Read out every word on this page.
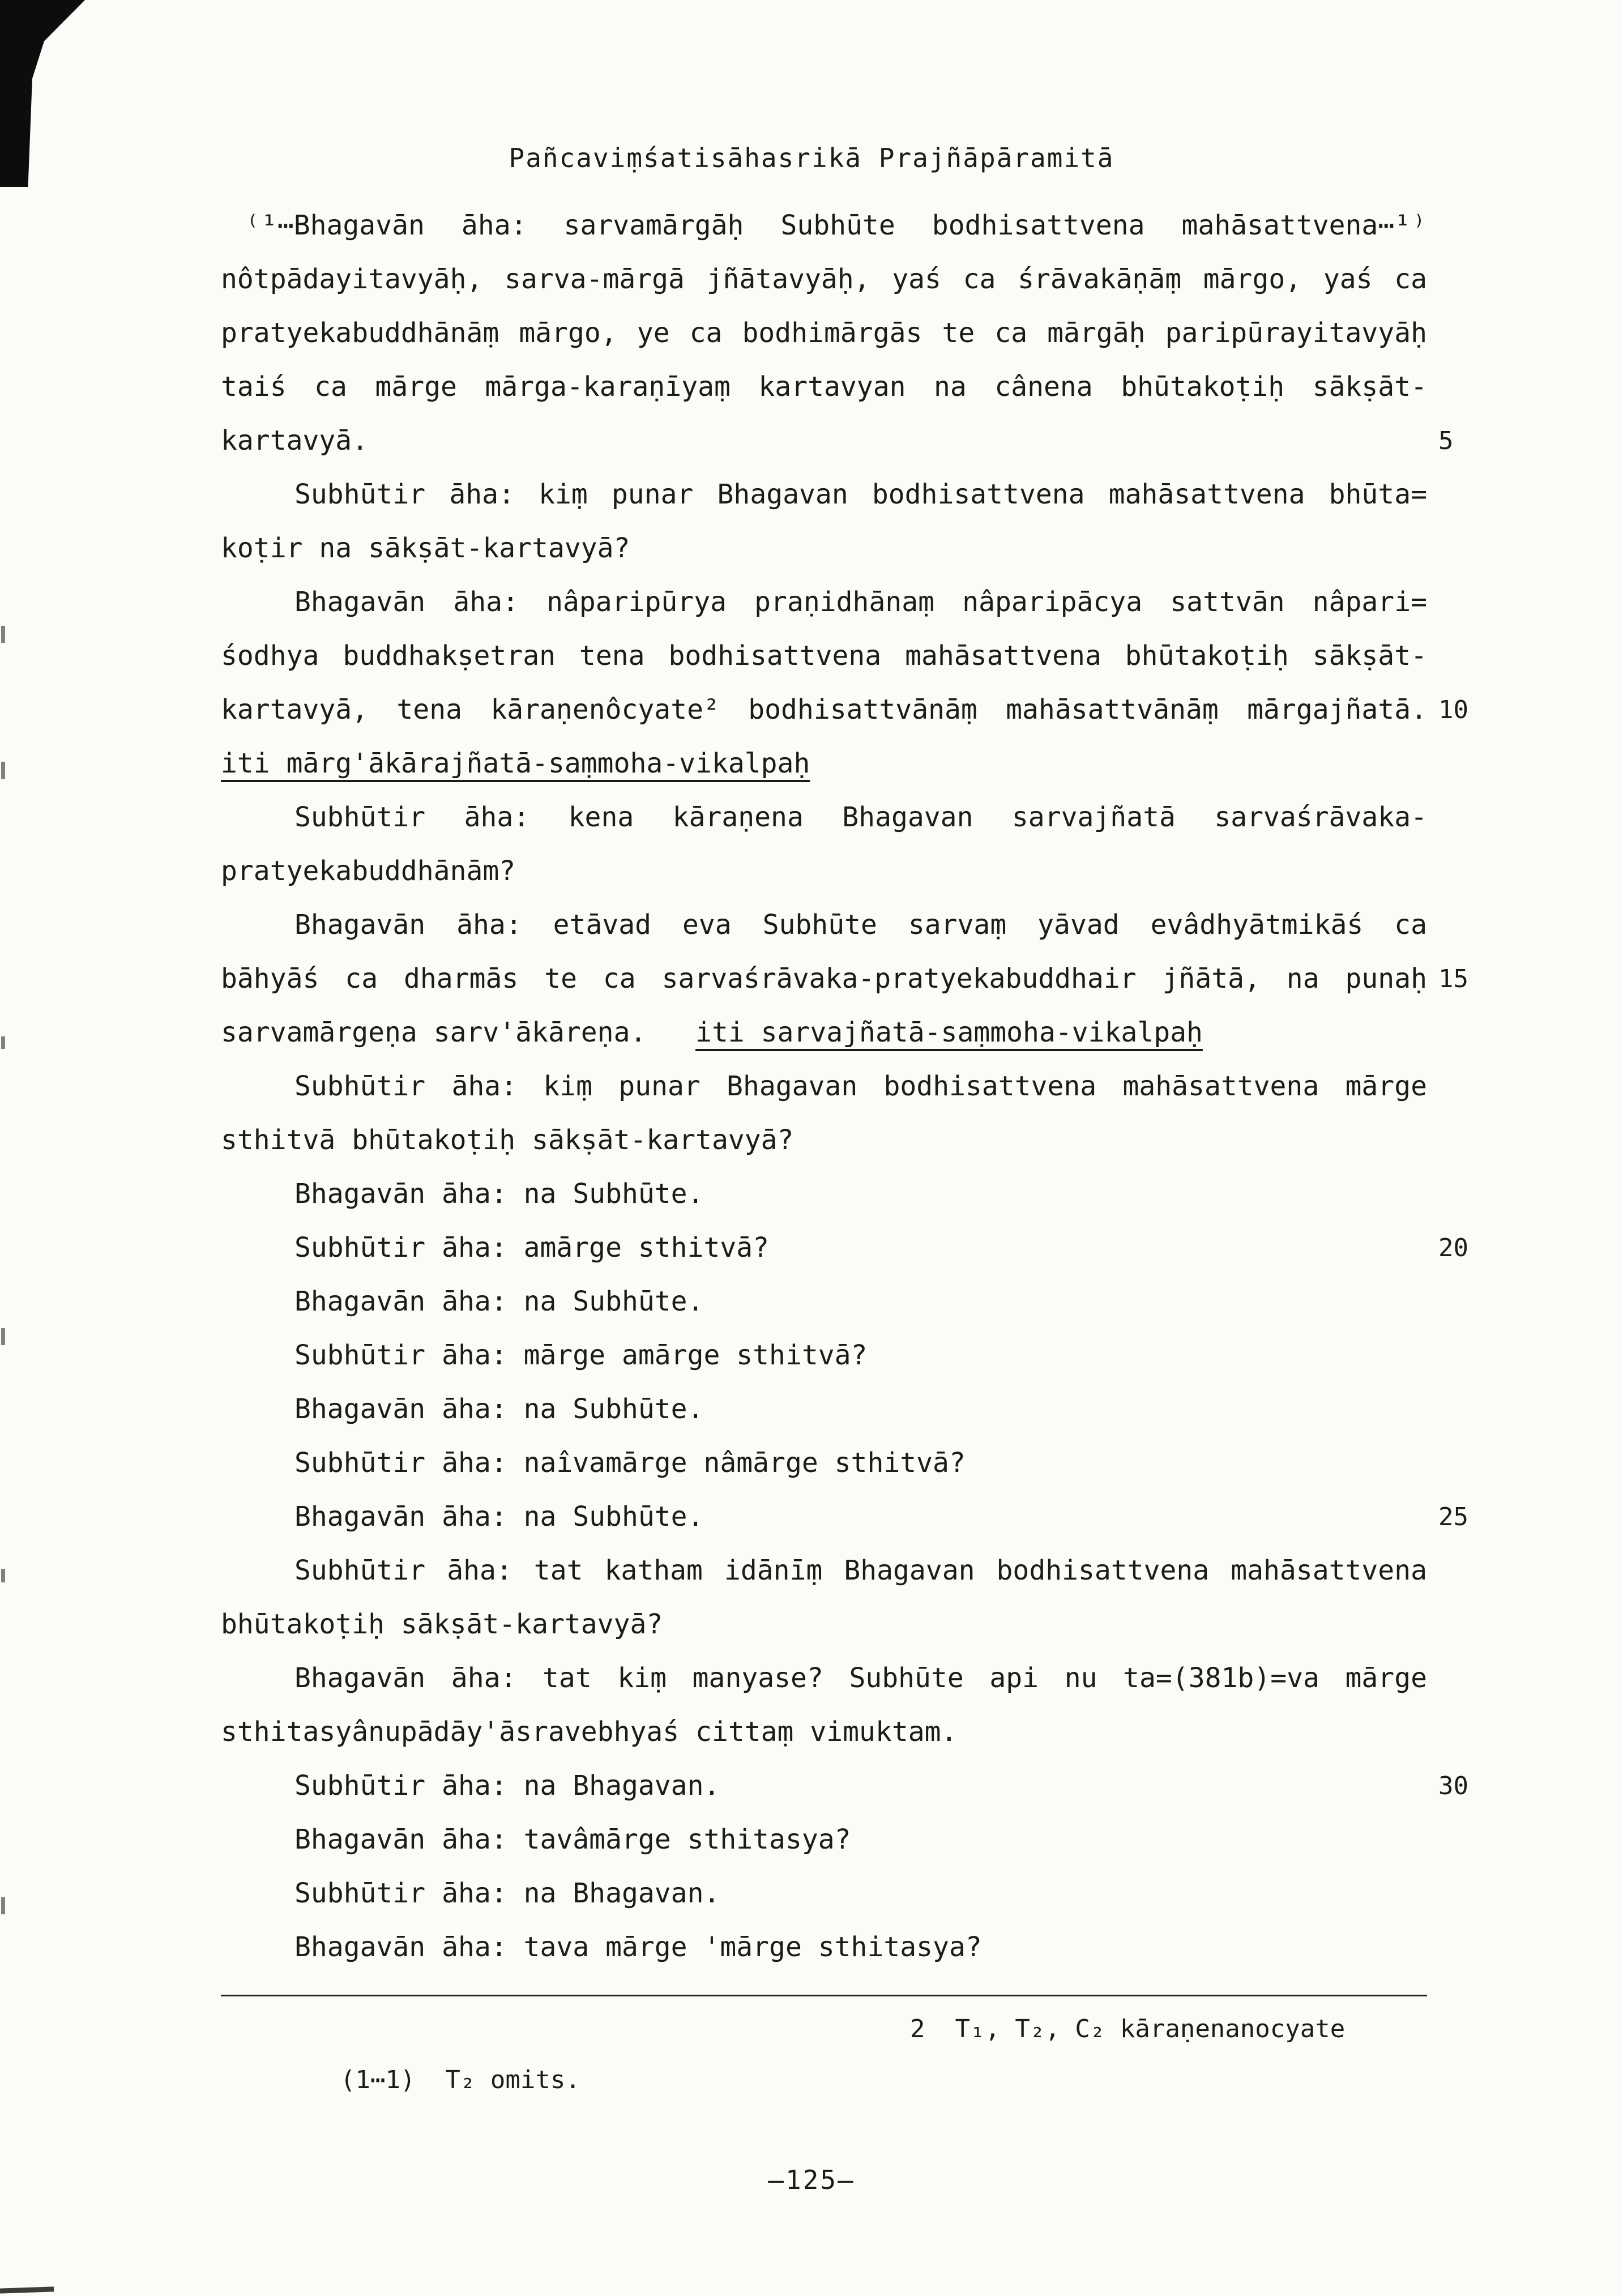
Pañcaviṃśatisāhasrikā Prajñāpāramitā
⁽¹⋯Bhagavān āha: sarvamārgāḥ Subhūte bodhisattvena mahāsattvena⋯¹⁾
nôtpādayitavyāḥ, sarva-mārgā jñātavyāḥ, yaś ca śrāvakāṇāṃ mārgo, yaś ca
pratyekabuddhānāṃ mārgo, ye ca bodhimārgās te ca mārgāḥ paripūrayitavyāḥ
taiś ca mārge mārga-karaṇīyaṃ kartavyan na cânena bhūtakoṭiḥ sākṣāt-
kartavyā.	5
Subhūtir āha: kiṃ punar Bhagavan bodhisattvena mahāsattvena bhūta=
koṭir na sākṣāt-kartavyā?
Bhagavān āha: nâparipūrya praṇidhānaṃ nâparipācya sattvān nâpari=
śodhya buddhakṣetran tena bodhisattvena mahāsattvena bhūtakoṭiḥ sākṣāt-
kartavyā, tena kāraṇenôcyate² bodhisattvānāṃ mahāsattvānāṃ mārgajñatā. 10
iti mārg'ākārajñatā-saṃmoha-vikalpaḥ
Subhūtir āha: kena kāraṇena Bhagavan sarvajñatā sarvaśrāvaka-
pratyekabuddhānām?
Bhagavān āha: etāvad eva Subhūte sarvaṃ yāvad evâdhyātmikāś ca
bāhyāś ca dharmās te ca sarvaśrāvaka-pratyekabuddhair jñātā, na punaḥ 15
sarvamārgeṇa sarv'ākāreṇa.   iti sarvajñatā-saṃmoha-vikalpaḥ
Subhūtir āha: kiṃ punar Bhagavan bodhisattvena mahāsattvena mārge
sthitvā bhūtakoṭiḥ sākṣāt-kartavyā?
Bhagavān āha: na Subhūte.
Subhūtir āha: amārge sthitvā?	20
Bhagavān āha: na Subhūte.
Subhūtir āha: mārge amārge sthitvā?
Bhagavān āha: na Subhūte.
Subhūtir āha: naîvamārge nâmārge sthitvā?
Bhagavān āha: na Subhūte.	25
Subhūtir āha: tat katham idānīṃ Bhagavan bodhisattvena mahāsattvena
bhūtakoṭiḥ sākṣāt-kartavyā?
Bhagavān āha: tat kiṃ manyase? Subhūte api nu ta=(381b)=va mārge
sthitasyânupādāy'āsravebhyaś cittaṃ vimuktam.
Subhūtir āha: na Bhagavan.	30
Bhagavān āha: tavâmārge sthitasya?
Subhūtir āha: na Bhagavan.
Bhagavān āha: tava mārge 'mārge sthitasya?

(1⋯1)  T₂ omits.

2  T₁, T₂, C₂ kāraṇenanocyate

–125–
